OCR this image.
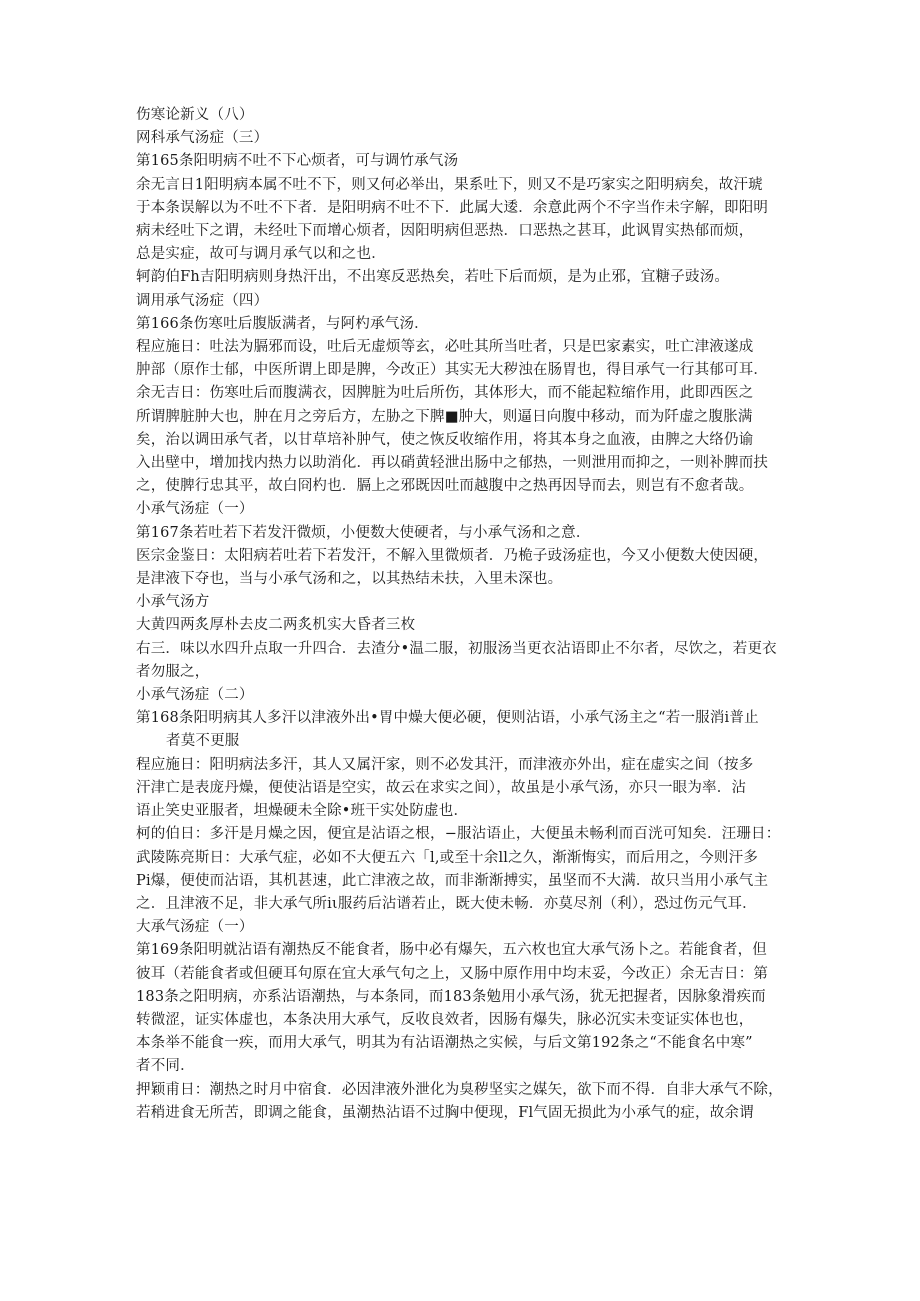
伤寒论新义（八）
网科承气汤症（三）
第165条阳明病不吐不下心烦者，可与调竹承气汤
余无言日1阳明病本属不吐不下，则又何必举出，果系吐下，则又不是巧家实之阳明病矣，故汗琥
于本条误解以为不吐不下者．是阳明病不吐不下．此属大逶．余意此两个不字当作未字解，即阳明
病未经吐下之谓，未经吐下而增心烦者，因阳明病但恶热．口恶热之甚耳，此讽胃实热郁而烦，
总是实症，故可与调月承气以和之也．
轲韵伯Fh吉阳明病则身热汗出，不出寒反恶热矣，若吐下后而烦，是为止邪，宜糖子豉汤。
调用承气汤症（四）
第166条伤寒吐后腹版满者，与阿杓承气汤．
程应施日：吐法为膈邪而设，吐后无虚烦等玄，必吐其所当吐者，只是巴家素实，吐亡津液遂成
肿部（原作士郁，中医所谓上即是脾，今改正）其实无大秽浊在肠胃也，得目承气一行其郁可耳．
余无吉日：伤寒吐后而腹满衣，因脾脏为吐后所伤，其体形大，而不能起粒缩作用，此即西医之
所谓脾脏肿大也，肿在月之旁后方，左胁之下脾■肿大，则逼日向腹中移动，而为阡虚之腹胀满
矣，治以调田承气者，以甘草培补肿气，使之恢反收缩作用，将其本身之血液，由脾之大络仍谕
入出壁中，增加找内热力以助消化．再以硝黄轻泄出肠中之郁热，一则泄用而抑之，一则补脾而扶
之，使脾行忠其平，故白冏杓也．膈上之邪既因吐而越腹中之热再因导而去，则岂有不愈者哉。
小承气汤症（一）
第167条若吐若下若发汗微烦，小便数大使硬者，与小承气汤和之意．
医宗金鉴日：太阳病若吐若下若发汗，不解入里微烦者．乃桅子豉汤症也，今又小便数大使因硬，
是津液下夺也，当与小承气汤和之，以其热结未扶，入里未深也。
小承气汤方
大黄四两炙厚朴去皮二两炙机实大昏者三枚
右三．味以水四升点取一升四合．去渣分•温二服，初服汤当更衣沾语即止不尔者，尽饮之，若更衣
者勿服之，
小承气汤症（二）
第168条阳明病其人多汗以津液外出•胃中燥大便必硬，便则沾语，小承气汤主之“若一服消i普止
者莫不更服
程应施日：阳明病法多汗，其人又属汗家，则不必发其汗，而津液亦外出，症在虚实之间（按多
汗津亡是表庞丹燥，便使沾语是空实，故云在求实之间），故虽是小承气汤，亦只一眼为率．沾
语止笑史亚服者，坦燥硬未全除•班干实处防虚也．
柯的伯日：多汗是月燥之因，便宜是沾语之根，−服沾语止，大便虽未畅利而百洸可知矣．汪珊日：
武陵陈亮斯日：大承气症，必如不大便五六「l,或至十余ll之久，渐渐悔实，而后用之，今则汗多
Pi爆，便使而沾语，其机甚速，此亡津液之故，而非渐渐搏实，虽坚而不大满．故只当用小承气主
之．且津液不足，非大承气所iι服药后沾谱若止，既大使未畅．亦莫尽剂（利），恐过伤元气耳．
大承气汤症（一）
第169条阳明就沾语有潮热反不能食者，肠中必有爆矢，五六枚也宜大承气汤卜之。若能食者，但
彼耳（若能食者或但硬耳句原在宜大承气句之上，又肠中原作用中均末妥，今改正）余无吉日：第
183条之阳明病，亦系沾语潮热，与本条同，而183条勉用小承气汤，犹无把握者，因脉象滑疾而
转微涩，证实体虚也，本条决用大承气，反收良效者，因肠有爆失，脉必沉实未变证实体也也，
本条举不能食一疾，而用大承气，明其为有沾语潮热之实候，与后文第192条之“不能食名中寒”
者不同．
押颖甫日：潮热之时月中宿食．必因津液外泄化为臭秽坚实之媒矢，欲下而不得．自非大承气不除，
若稍进食无所苦，即调之能食，虽潮热沾语不过胸中便现，Fl气固无损此为小承气的症，故余谓
